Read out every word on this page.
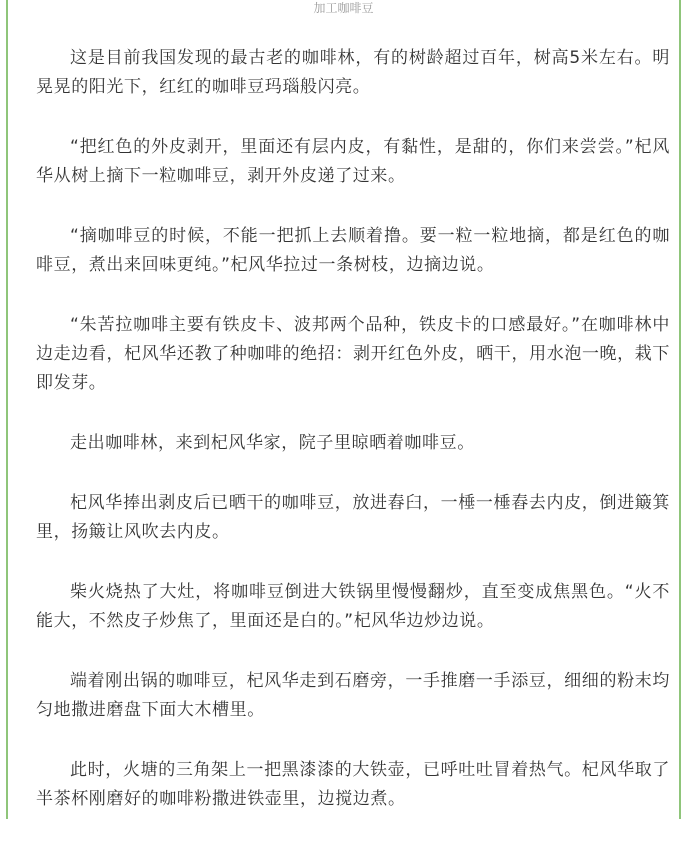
加工咖啡豆

这是目前我国发现的最古老的咖啡林，有的树龄超过百年，树高5米左右。明晃晃的阳光下，红红的咖啡豆玛瑙般闪亮。

“把红色的外皮剥开，里面还有层内皮，有黏性，是甜的，你们来尝尝。”杞风华从树上摘下一粒咖啡豆，剥开外皮递了过来。

“摘咖啡豆的时候，不能一把抓上去顺着撸。要一粒一粒地摘，都是红色的咖啡豆，煮出来回味更纯。”杞风华拉过一条树枝，边摘边说。

“朱苦拉咖啡主要有铁皮卡、波邦两个品种，铁皮卡的口感最好。”在咖啡林中边走边看，杞风华还教了种咖啡的绝招：剥开红色外皮，晒干，用水泡一晚，栽下即发芽。

走出咖啡林，来到杞风华家，院子里晾晒着咖啡豆。

杞风华捧出剥皮后已晒干的咖啡豆，放进舂臼，一棰一棰舂去内皮，倒进簸箕里，扬簸让风吹去内皮。

柴火烧热了大灶，将咖啡豆倒进大铁锅里慢慢翻炒，直至变成焦黑色。“火不能大，不然皮子炒焦了，里面还是白的。”杞风华边炒边说。

端着刚出锅的咖啡豆，杞风华走到石磨旁，一手推磨一手添豆，细细的粉末均匀地撒进磨盘下面大木槽里。

此时，火塘的三角架上一把黑漆漆的大铁壶，已呼吐吐冒着热气。杞风华取了半茶杯刚磨好的咖啡粉撒进铁壶里，边搅边煮。
